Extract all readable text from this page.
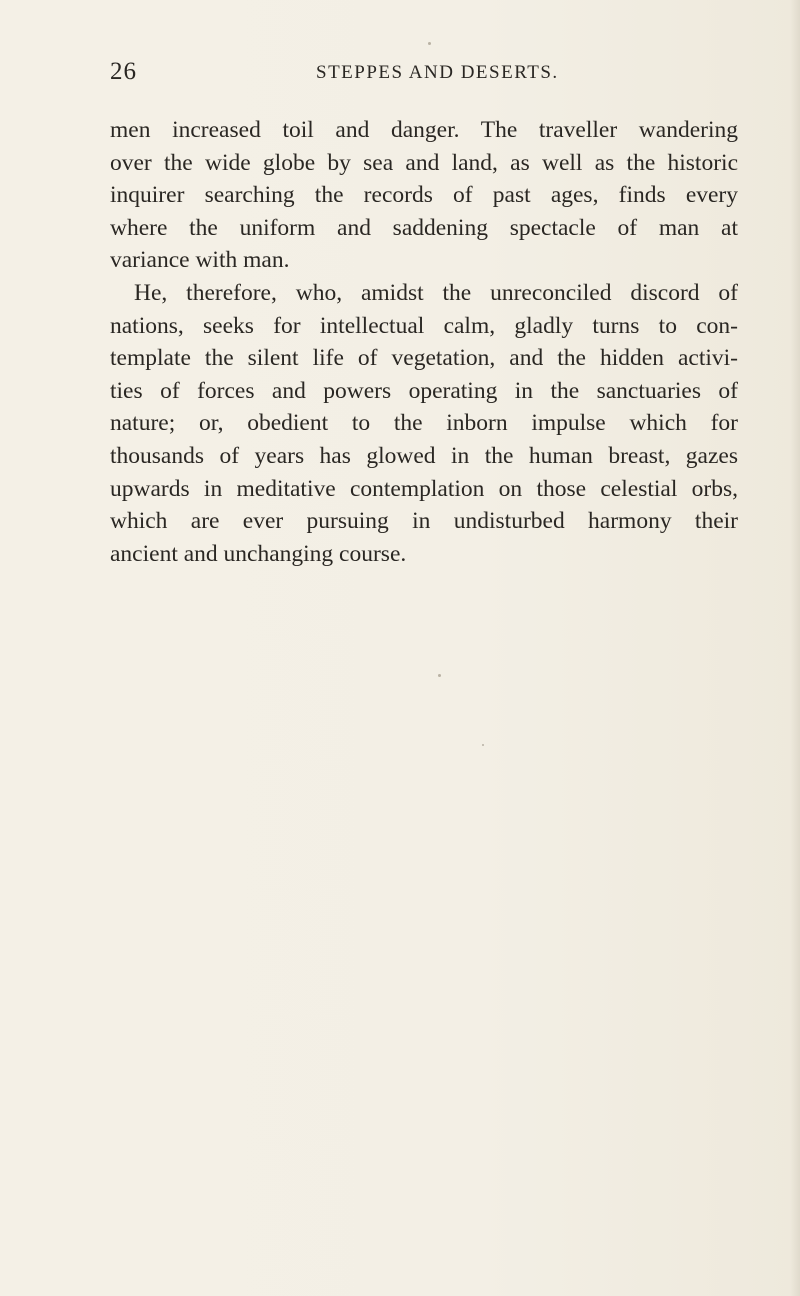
26	STEPPES AND DESERTS.
men increased toil and danger. The traveller wandering
over the wide globe by sea and land, as well as the historic
inquirer searching the records of past ages, finds every
where the uniform and saddening spectacle of man at
variance with man.
He, therefore, who, amidst the unreconciled discord of
nations, seeks for intellectual calm, gladly turns to con-
template the silent life of vegetation, and the hidden activi-
ties of forces and powers operating in the sanctuaries of
nature; or, obedient to the inborn impulse which for
thousands of years has glowed in the human breast, gazes
upwards in meditative contemplation on those celestial orbs,
which are ever pursuing in undisturbed harmony their
ancient and unchanging course.
